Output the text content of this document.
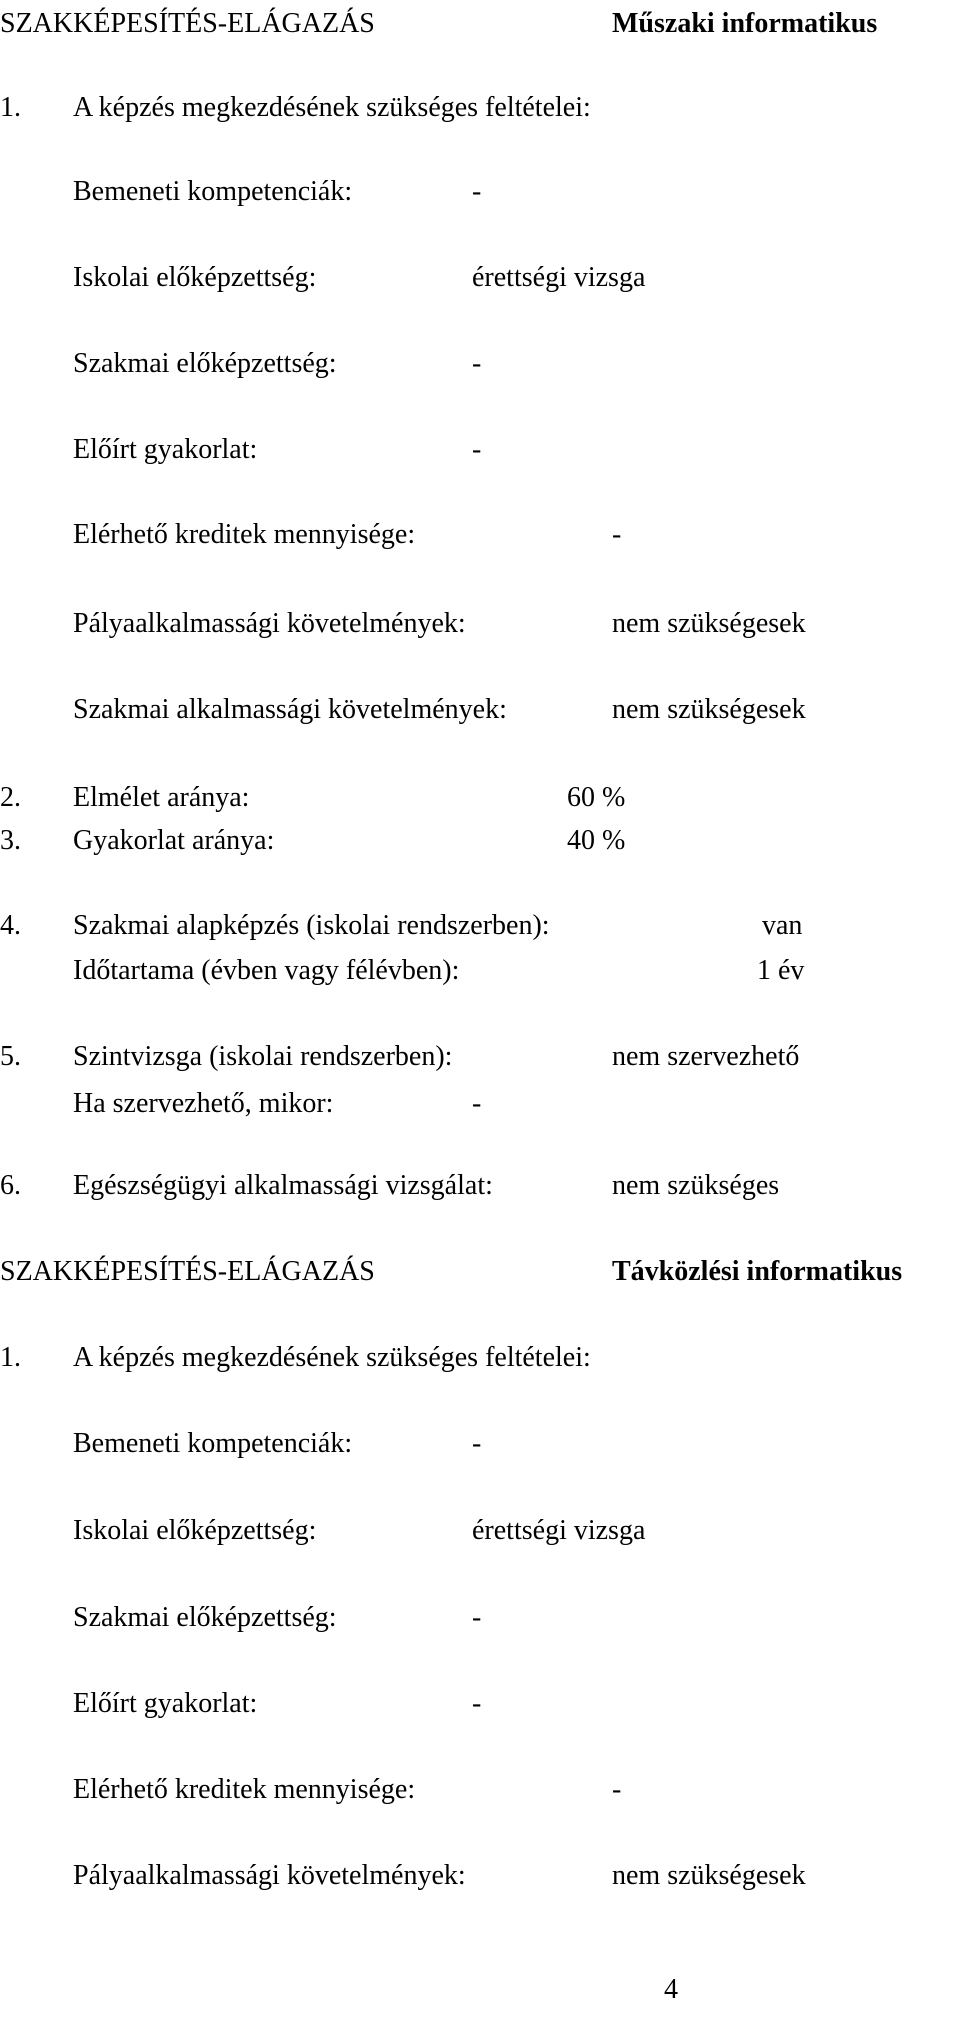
SZAKKÉPESÍTÉS-ELÁGAZÁS	Műszaki informatikus
1. A képzés megkezdésének szükséges feltételei:
Bemeneti kompetenciák:	-
Iskolai előképzettség:	érettségi vizsga
Szakmai előképzettség:	-
Előírt gyakorlat:	-
Elérhető kreditek mennyisége:	-
Pályaalkalmassági követelmények:	nem szükségesek
Szakmai alkalmassági követelmények:	nem szükségesek
2. Elmélet aránya:	60 %
3. Gyakorlat aránya:	40 %
4. Szakmai alapképzés (iskolai rendszerben):	van
Időtartama (évben vagy félévben):	1 év
5. Szintvizsga (iskolai rendszerben):	nem szervezhető
Ha szervezhető, mikor:	-
6. Egészségügyi alkalmassági vizsgálat:	nem szükséges
SZAKKÉPESÍTÉS-ELÁGAZÁS	Távközlési informatikus
1. A képzés megkezdésének szükséges feltételei:
Bemeneti kompetenciák:	-
Iskolai előképzettség:	érettségi vizsga
Szakmai előképzettség:	-
Előírt gyakorlat:	-
Elérhető kreditek mennyisége:	-
Pályaalkalmassági követelmények:	nem szükségesek
4
